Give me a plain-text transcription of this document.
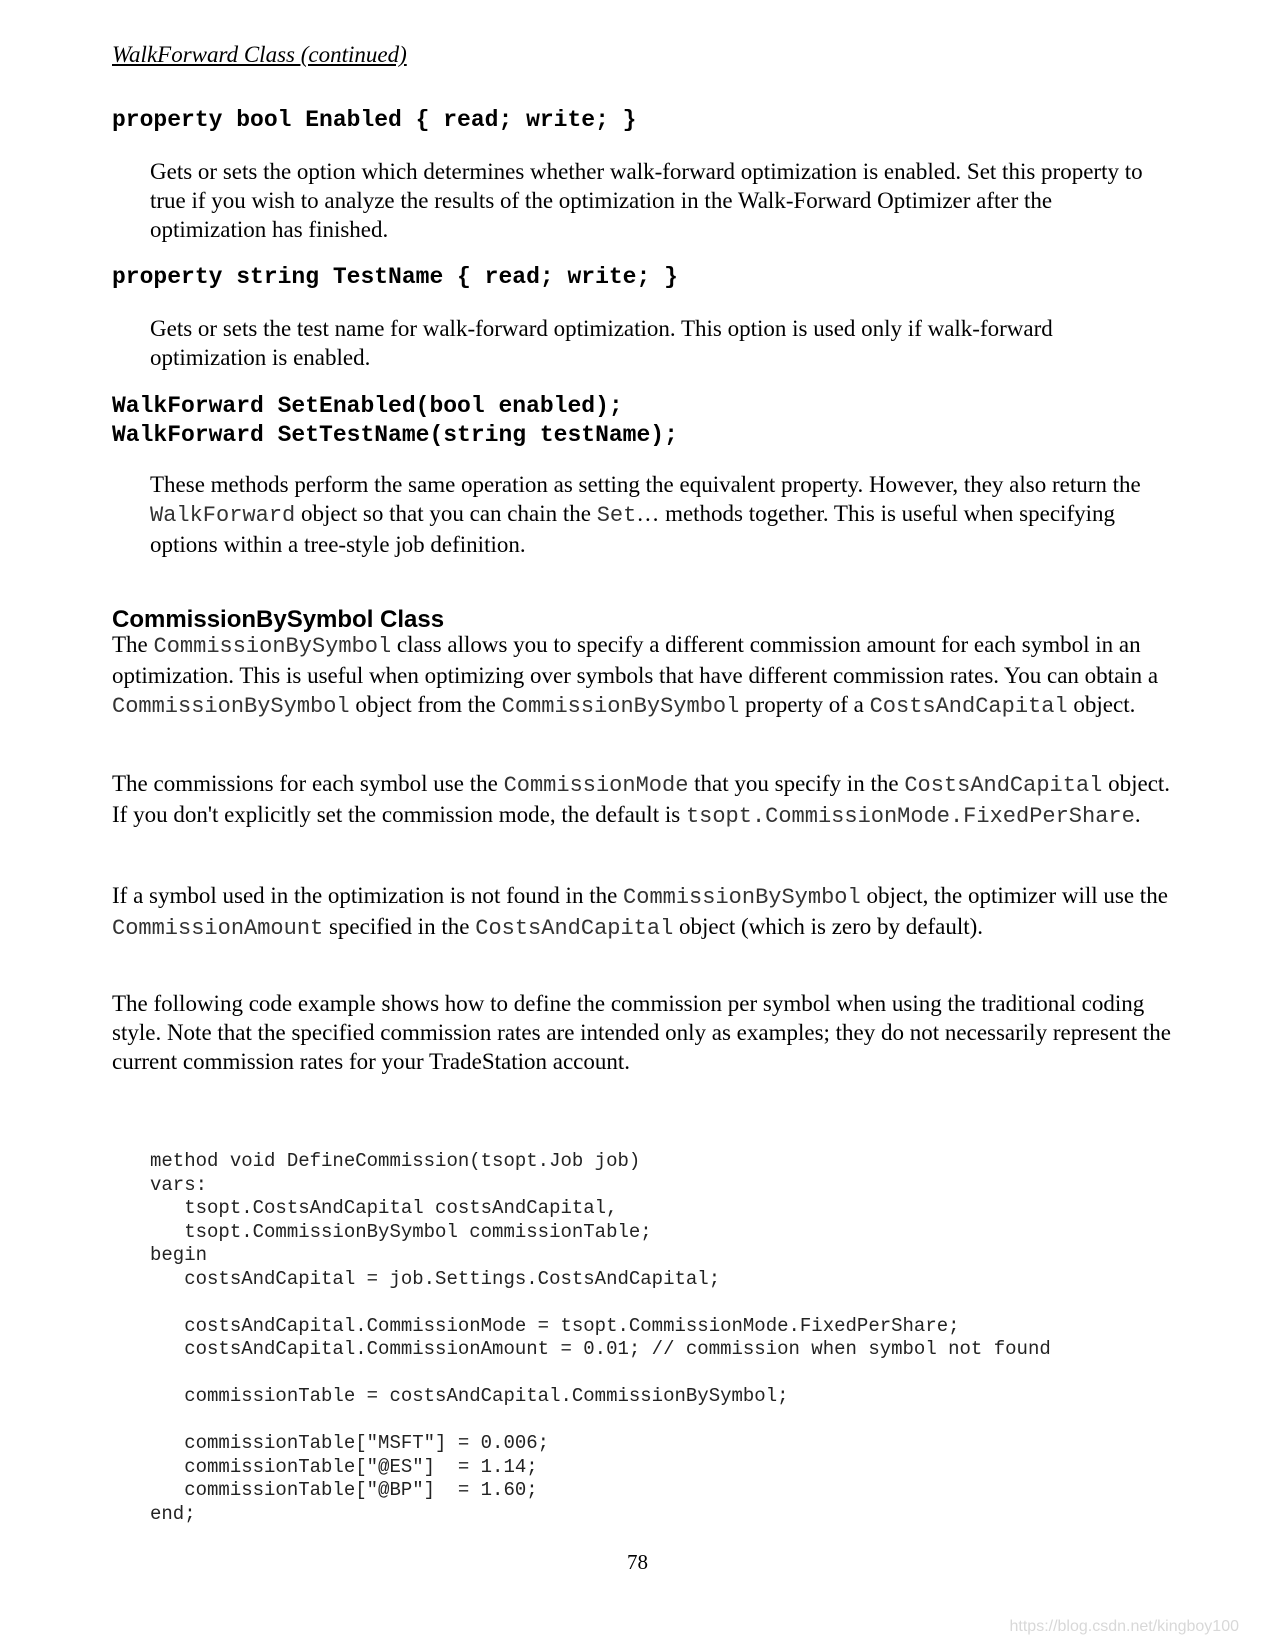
WalkForward Class (continued)
property bool Enabled { read; write; }
Gets or sets the option which determines whether walk-forward optimization is enabled. Set this property to true if you wish to analyze the results of the optimization in the Walk-Forward Optimizer after the optimization has finished.
property string TestName { read; write; }
Gets or sets the test name for walk-forward optimization. This option is used only if walk-forward optimization is enabled.
WalkForward SetEnabled(bool enabled);
WalkForward SetTestName(string testName);
These methods perform the same operation as setting the equivalent property. However, they also return the WalkForward object so that you can chain the Set… methods together. This is useful when specifying options within a tree-style job definition.
CommissionBySymbol Class
The CommissionBySymbol class allows you to specify a different commission amount for each symbol in an optimization. This is useful when optimizing over symbols that have different commission rates. You can obtain a CommissionBySymbol object from the CommissionBySymbol property of a CostsAndCapital object.
The commissions for each symbol use the CommissionMode that you specify in the CostsAndCapital object. If you don't explicitly set the commission mode, the default is tsopt.CommissionMode.FixedPerShare.
If a symbol used in the optimization is not found in the CommissionBySymbol object, the optimizer will use the CommissionAmount specified in the CostsAndCapital object (which is zero by default).
The following code example shows how to define the commission per symbol when using the traditional coding style. Note that the specified commission rates are intended only as examples; they do not necessarily represent the current commission rates for your TradeStation account.
method void DefineCommission(tsopt.Job job)
vars:
tsopt.CostsAndCapital costsAndCapital,
tsopt.CommissionBySymbol commissionTable;
begin
costsAndCapital = job.Settings.CostsAndCapital;

costsAndCapital.CommissionMode = tsopt.CommissionMode.FixedPerShare;
costsAndCapital.CommissionAmount = 0.01; // commission when symbol not found

commissionTable = costsAndCapital.CommissionBySymbol;

commissionTable["MSFT"] = 0.006;
commissionTable["@ES"]  = 1.14;
commissionTable["@BP"]  = 1.60;
end;
78
https://blog.csdn.net/kingboy100
